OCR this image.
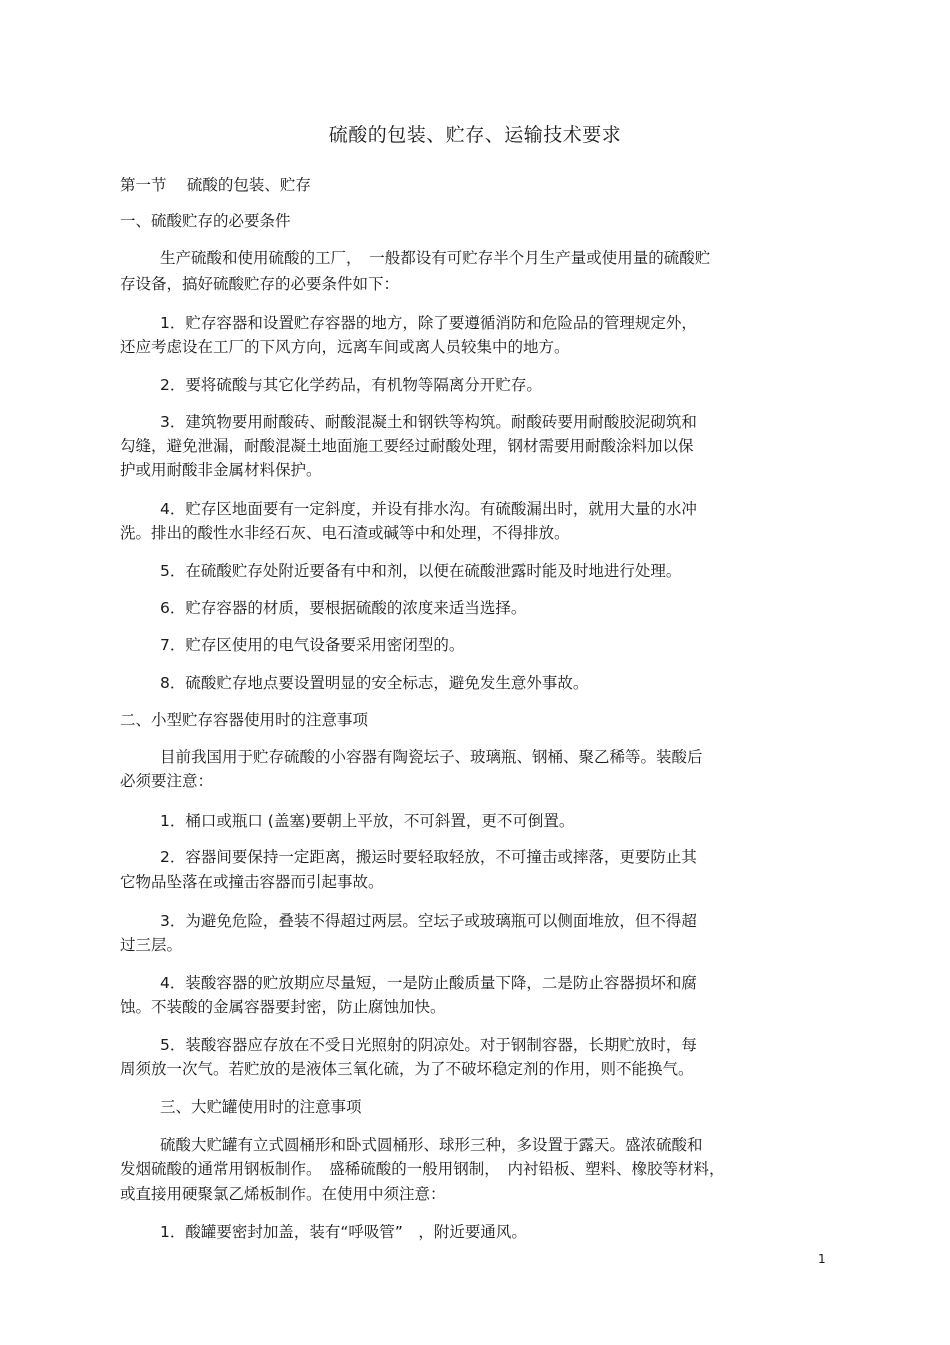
硫酸的包装、贮存、运输技术要求
第一节　 硫酸的包装、贮存
一、硫酸贮存的必要条件
生产硫酸和使用硫酸的工厂，　一般都设有可贮存半个月生产量或使用量的硫酸贮
存设备，搞好硫酸贮存的必要条件如下：
1．贮存容器和设置贮存容器的地方，除了要遵循消防和危险品的管理规定外，
还应考虑设在工厂的下风方向，远离车间或离人员较集中的地方。
2．要将硫酸与其它化学药品，有机物等隔离分开贮存。
3．建筑物要用耐酸砖、耐酸混凝土和钢铁等构筑。耐酸砖要用耐酸胶泥砌筑和
勾缝，避免泄漏，耐酸混凝土地面施工要经过耐酸处理，钢材需要用耐酸涂料加以保
护或用耐酸非金属材料保护。
4．贮存区地面要有一定斜度，并设有排水沟。有硫酸漏出时，就用大量的水冲
洗。排出的酸性水非经石灰、电石渣或碱等中和处理，不得排放。
5．在硫酸贮存处附近要备有中和剂，以便在硫酸泄露时能及时地进行处理。
6．贮存容器的材质，要根据硫酸的浓度来适当选择。
7．贮存区使用的电气设备要采用密闭型的。
8．硫酸贮存地点要设置明显的安全标志，避免发生意外事故。
二、小型贮存容器使用时的注意事项
目前我国用于贮存硫酸的小容器有陶瓷坛子、玻璃瓶、钢桶、聚乙稀等。装酸后
必须要注意：
1．桶口或瓶口 (盖塞)要朝上平放，不可斜置，更不可倒置。
2．容器间要保持一定距离，搬运时要轻取轻放，不可撞击或摔落，更要防止其
它物品坠落在或撞击容器而引起事故。
3．为避免危险，叠装不得超过两层。空坛子或玻璃瓶可以侧面堆放，但不得超
过三层。
4．装酸容器的贮放期应尽量短，一是防止酸质量下降，二是防止容器损坏和腐
蚀。不装酸的金属容器要封密，防止腐蚀加快。
5．装酸容器应存放在不受日光照射的阴凉处。对于钢制容器，长期贮放时，每
周须放一次气。若贮放的是液体三氧化硫，为了不破坏稳定剂的作用，则不能换气。
三、大贮罐使用时的注意事项
硫酸大贮罐有立式圆桶形和卧式圆桶形、球形三种，多设置于露天。盛浓硫酸和
发烟硫酸的通常用钢板制作。　盛稀硫酸的一般用钢制，　内衬铅板、塑料、橡胶等材料，
或直接用硬聚氯乙烯板制作。在使用中须注意：
1．酸罐要密封加盖，装有“呼吸管”　，附近要通风。
1
